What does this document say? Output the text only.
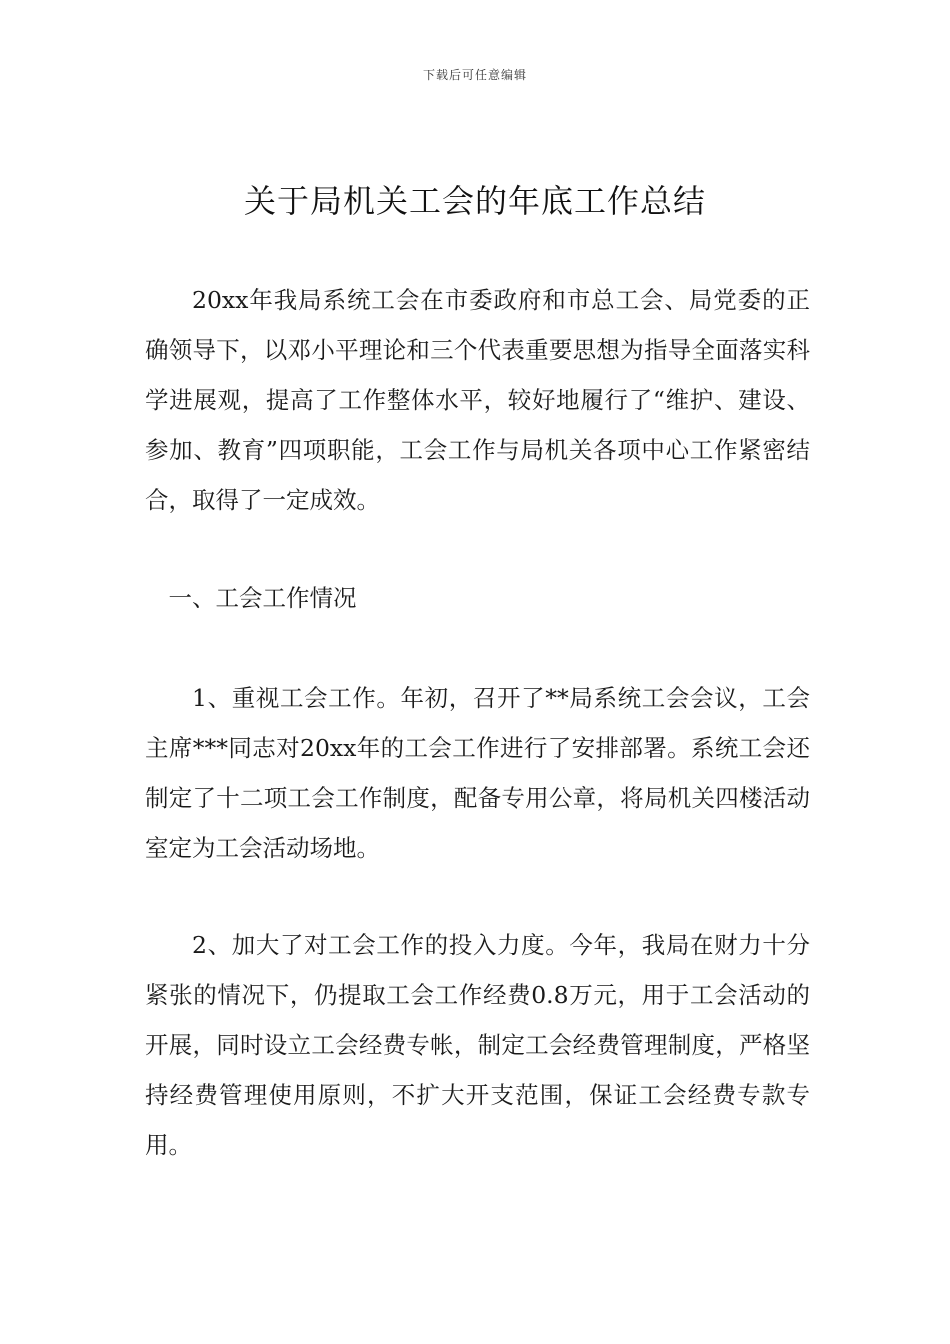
下载后可任意编辑
关于局机关工会的年底工作总结

20xx年我局系统工会在市委政府和市总工会、局党委的正确领导下，以邓小平理论和三个代表重要思想为指导全面落实科学进展观，提高了工作整体水平，较好地履行了“维护、建设、参加、教育”四项职能，工会工作与局机关各项中心工作紧密结合，取得了一定成效。

一、工会工作情况

1、重视工会工作。年初，召开了**局系统工会会议，工会主席***同志对20xx年的工会工作进行了安排部署。系统工会还制定了十二项工会工作制度，配备专用公章，将局机关四楼活动室定为工会活动场地。

2、加大了对工会工作的投入力度。今年，我局在财力十分紧张的情况下，仍提取工会工作经费0.8万元，用于工会活动的开展，同时设立工会经费专帐，制定工会经费管理制度，严格坚持经费管理使用原则，不扩大开支范围，保证工会经费专款专用。
